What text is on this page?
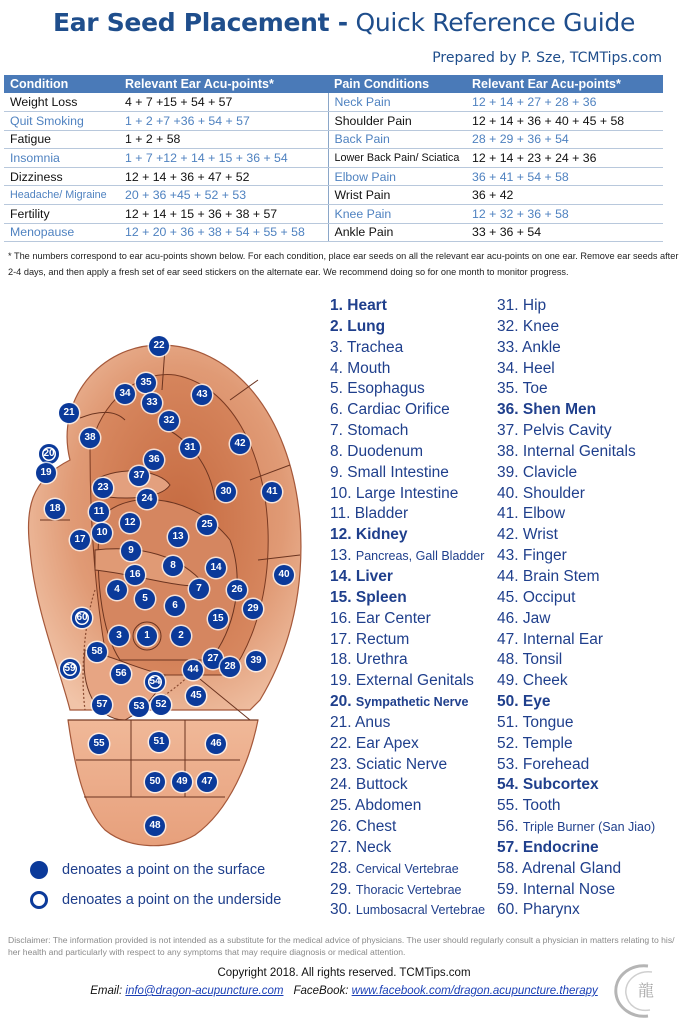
Ear Seed Placement - Quick Reference Guide
Prepared by P. Sze, TCMTips.com
Condition	Relevant Ear Acu-points*	Pain Conditions	Relevant Ear Acu-points*
Weight Loss	4 + 7 +15 + 54 + 57	Neck Pain	12 + 14 + 27 + 28 + 36
Quit Smoking	1 + 2 +7 +36 + 54 + 57	Shoulder Pain	12 + 14 + 36 + 40 + 45 + 58
Fatigue	1 + 2 + 58	Back Pain	28 + 29 + 36 + 54
Insomnia	1 + 7 +12 + 14 + 15 + 36 + 54	Lower Back Pain/ Sciatica	12 + 14 + 23 + 24 + 36
Dizziness	12 + 14 + 36 + 47 + 52	Elbow Pain	36 + 41 + 54 + 58
Headache/ Migraine	20 + 36 +45 + 52 + 53	Wrist Pain	36 + 42
Fertility	12 + 14 + 15 + 36 + 38 + 57	Knee Pain	12 + 32 + 36 + 58
Menopause	12 + 20 + 36 + 38 + 54 + 55 + 58	Ankle Pain	33 + 36 + 54
* The numbers correspond to ear acu-points shown below. For each condition, place ear seeds on all the relevant ear acu-points on one ear. Remove ear seeds after 2-4 days, and then apply a fresh set of ear seed stickers on the alternate ear. We recommend doing so for one month to monitor progress.
22
35
34
33
43
21
32
38
42
31
20
36
19	37
23	30	41
24
18	11
12	25
10	13
17
9
8	14
16	40
4	7	26
5
6	29
60	15
3	1	2
58
27
28
39
59	44
56
54
45
57	53	52
55	51	46
50	49	47
48
denoates a point on the surface
denoates a point on the underside
1. Heart
2. Lung
3. Trachea
4. Mouth
5. Esophagus
6. Cardiac Orifice
7. Stomach
8. Duodenum
9. Small Intestine
10. Large Intestine
11. Bladder
12. Kidney
13. Pancreas, Gall Bladder
14. Liver
15. Spleen
16. Ear Center
17. Rectum
18. Urethra
19. External Genitals
20. Sympathetic Nerve
21. Anus
22. Ear Apex
23. Sciatic Nerve
24. Buttock
25. Abdomen
26. Chest
27. Neck
28. Cervical Vertebrae
29. Thoracic Vertebrae
30. Lumbosacral Vertebrae
31. Hip
32. Knee
33. Ankle
34. Heel
35. Toe
36. Shen Men
37. Pelvis Cavity
38. Internal Genitals
39. Clavicle
40. Shoulder
41. Elbow
42. Wrist
43. Finger
44. Brain Stem
45. Occiput
46. Jaw
47. Internal Ear
48. Tonsil
49. Cheek
50. Eye
51. Tongue
52. Temple
53. Forehead
54. Subcortex
55. Tooth
56. Triple Burner (San Jiao)
57. Endocrine
58. Adrenal Gland
59. Internal Nose
60. Pharynx
Disclaimer: The information provided is not intended as a substitute for the medical advice of physicians. The user should regularly consult a physician in matters relating to his/ her health and particularly with respect to any symptoms that may require diagnosis or medical attention.
Copyright 2018. All rights reserved. TCMTips.com
Email: info@dragon-acupuncture.com FaceBook: www.facebook.com/dragon.acupuncture.therapy	龍
